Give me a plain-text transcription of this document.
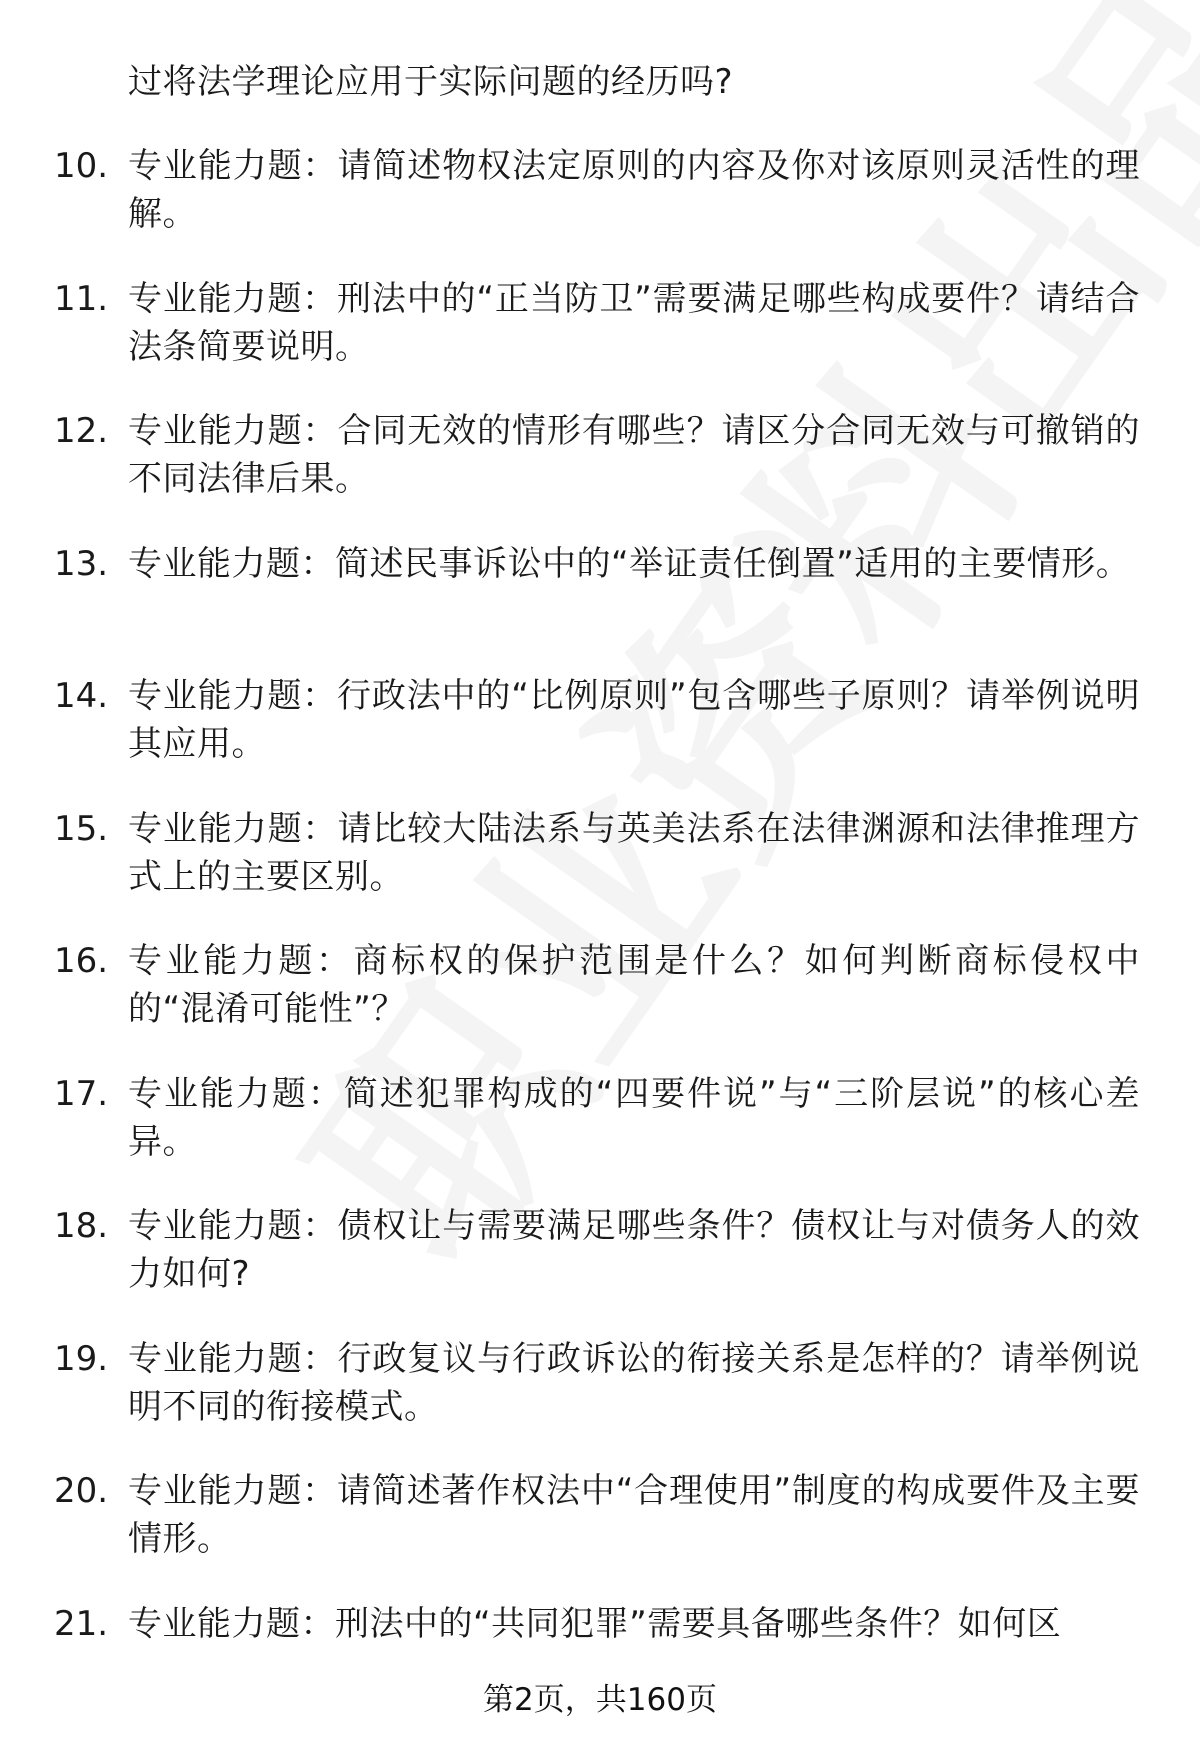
过将法学理论应用于实际问题的经历吗?
10. 专业能力题：请简述物权法定原则的内容及你对该原则灵活性的理解。
11. 专业能力题：刑法中的“正当防卫”需要满足哪些构成要件？请结合法条简要说明。
12. 专业能力题：合同无效的情形有哪些？请区分合同无效与可撤销的不同法律后果。
13. 专业能力题：简述民事诉讼中的“举证责任倒置”适用的主要情形。
14. 专业能力题：行政法中的“比例原则”包含哪些子原则？请举例说明其应用。
15. 专业能力题：请比较大陆法系与英美法系在法律渊源和法律推理方式上的主要区别。
16. 专业能力题：商标权的保护范围是什么？如何判断商标侵权中的“混淆可能性”？
17. 专业能力题：简述犯罪构成的“四要件说”与“三阶层说”的核心差异。
18. 专业能力题：债权让与需要满足哪些条件？债权让与对债务人的效力如何?
19. 专业能力题：行政复议与行政诉讼的衔接关系是怎样的？请举例说明不同的衔接模式。
20. 专业能力题：请简述著作权法中“合理使用”制度的构成要件及主要情形。
21. 专业能力题：刑法中的“共同犯罪”需要具备哪些条件？如何区
第2页，共160页
